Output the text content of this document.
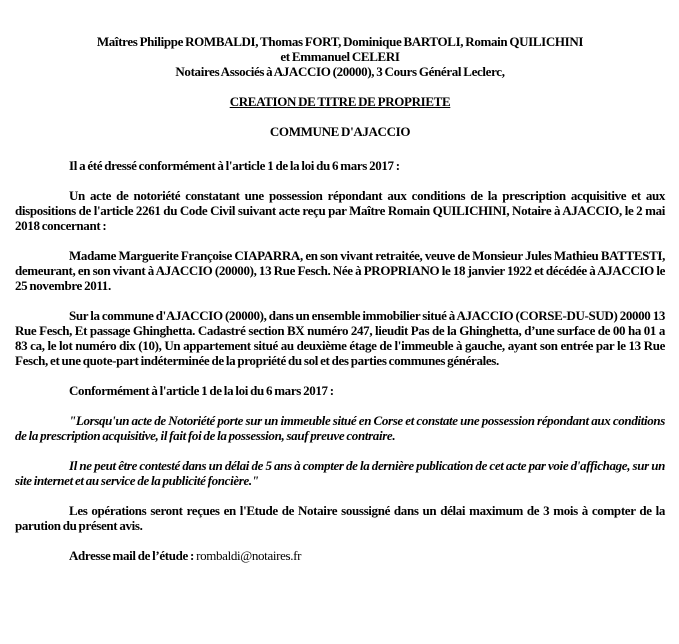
Maîtres Philippe ROMBALDI, Thomas FORT, Dominique BARTOLI, Romain QUILICHINI
et Emmanuel CELERI
Notaires Associés à AJACCIO (20000), 3 Cours Général Leclerc,
CREATION DE TITRE DE PROPRIETE
COMMUNE D'AJACCIO

Il a été dressé conformément à l'article 1 de la loi du 6 mars 2017 :

Un acte de notoriété constatant une possession répondant aux conditions de la prescription acquisitive et aux dispositions de l'article 2261 du Code Civil suivant acte reçu par Maître Romain QUILICHINI, Notaire à AJACCIO, le 2 mai 2018 concernant :

Madame Marguerite Françoise CIAPARRA, en son vivant retraitée, veuve de Monsieur Jules Mathieu BATTESTI, demeurant, en son vivant à AJACCIO (20000), 13 Rue Fesch. Née à PROPRIANO le 18 janvier 1922 et décédée à AJACCIO le 25 novembre 2011.

Sur la commune d'AJACCIO (20000), dans un ensemble immobilier situé à AJACCIO (CORSE-DU-SUD) 20000 13 Rue Fesch, Et passage Ghinghetta. Cadastré section BX numéro 247, lieudit Pas de la Ghinghetta, d’une surface de 00 ha 01 a 83 ca, le lot numéro dix (10), Un appartement situé au deuxième étage de l'immeuble à gauche, ayant son entrée par le 13 Rue Fesch, et une quote-part indéterminée de la propriété du sol et des parties communes générales.

Conformément à l'article 1 de la loi du 6 mars 2017 :

"Lorsqu'un acte de Notoriété porte sur un immeuble situé en Corse et constate une possession répondant aux conditions de la prescription acquisitive, il fait foi de la possession, sauf preuve contraire.

Il ne peut être contesté dans un délai de 5 ans à compter de la dernière publication de cet acte par voie d'affichage, sur un site internet et au service de la publicité foncière."

Les opérations seront reçues en l'Etude de Notaire soussigné dans un délai maximum de 3 mois à compter de la parution du présent avis.

Adresse mail de l’étude : rombaldi@notaires.fr
